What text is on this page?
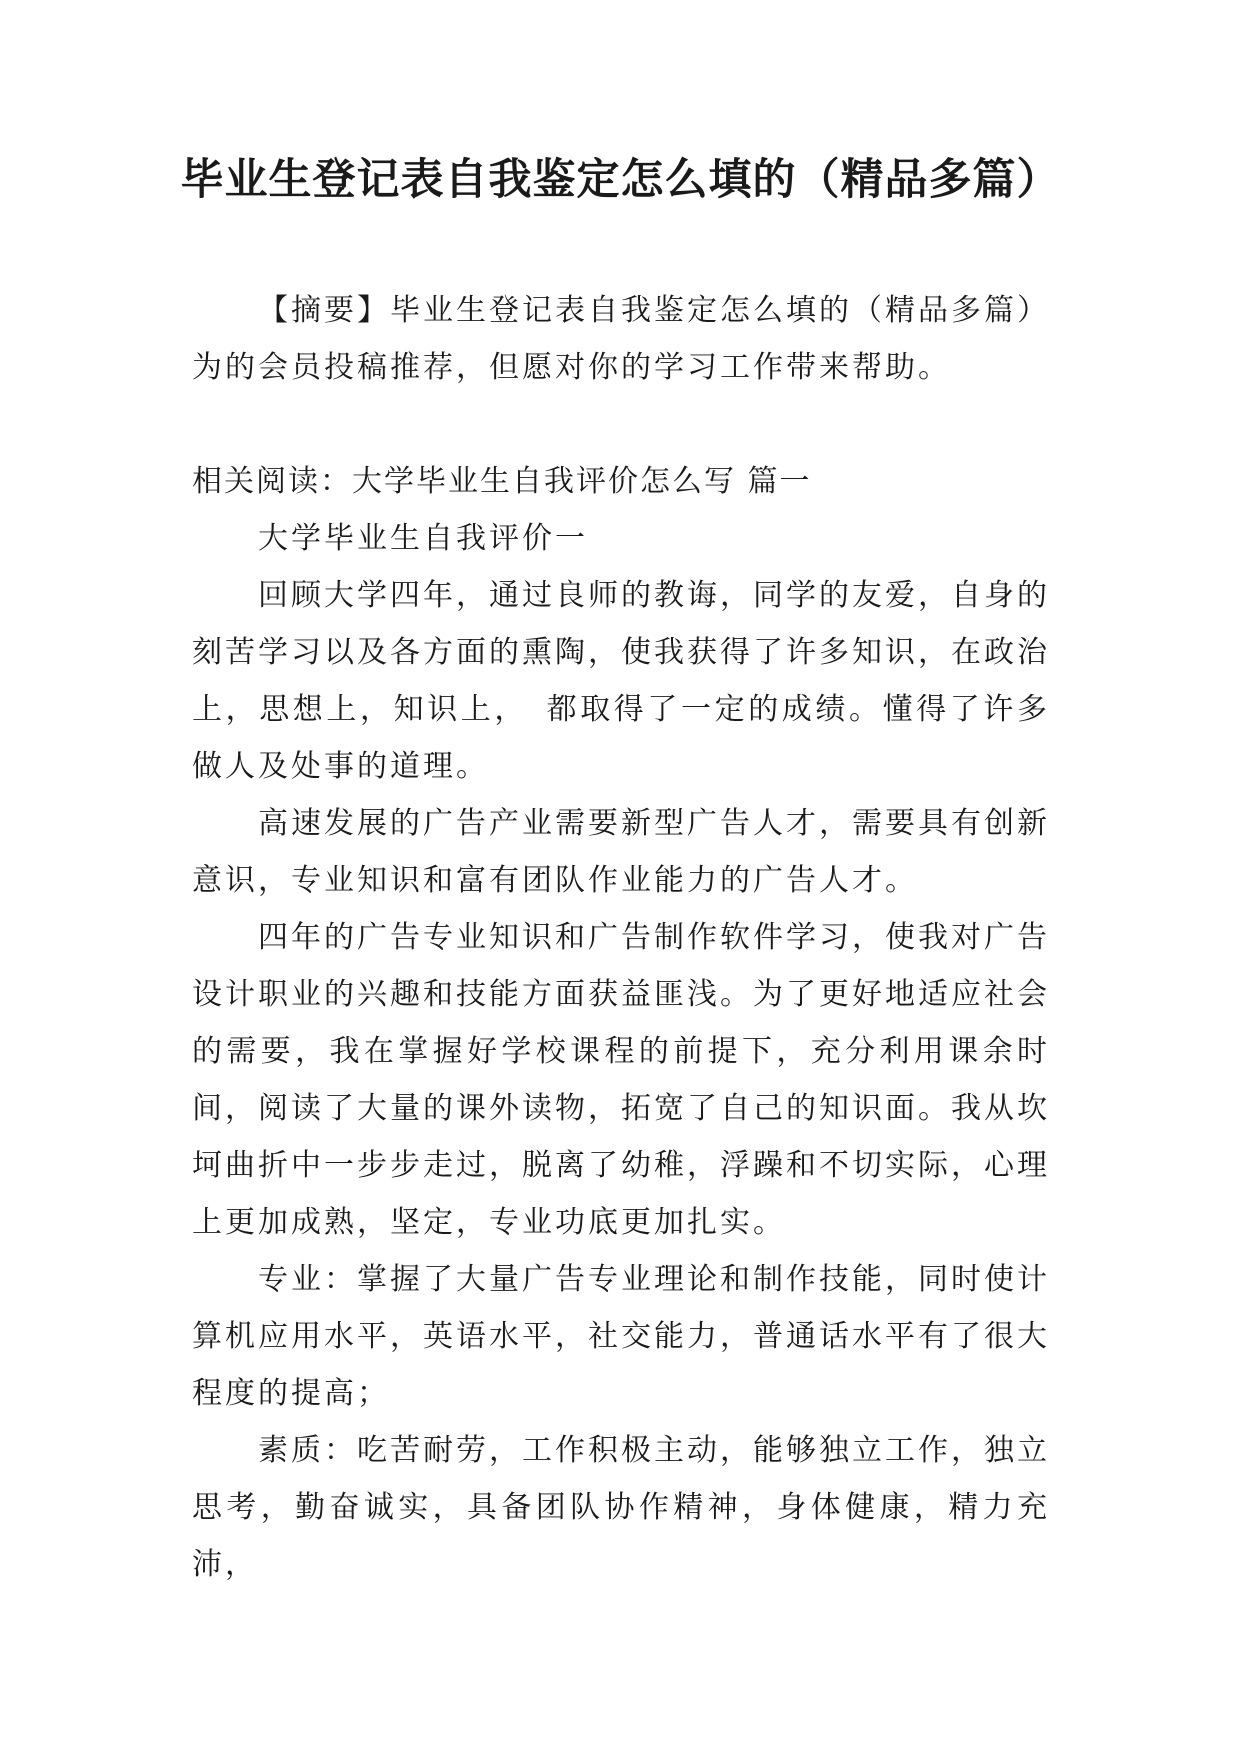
毕业生登记表自我鉴定怎么填的（精品多篇）

【摘要】毕业生登记表自我鉴定怎么填的（精品多篇）为的会员投稿推荐，但愿对你的学习工作带来帮助。

相关阅读：大学毕业生自我评价怎么写 篇一

大学毕业生自我评价一

回顾大学四年，通过良师的教诲，同学的友爱，自身的刻苦学习以及各方面的熏陶，使我获得了许多知识，在政治上，思想上，知识上，　都取得了一定的成绩。懂得了许多做人及处事的道理。

高速发展的广告产业需要新型广告人才，需要具有创新意识，专业知识和富有团队作业能力的广告人才。

四年的广告专业知识和广告制作软件学习，使我对广告设计职业的兴趣和技能方面获益匪浅。为了更好地适应社会的需要，我在掌握好学校课程的前提下，充分利用课余时间，阅读了大量的课外读物，拓宽了自己的知识面。我从坎坷曲折中一步步走过，脱离了幼稚，浮躁和不切实际，心理上更加成熟，坚定，专业功底更加扎实。

专业：掌握了大量广告专业理论和制作技能，同时使计算机应用水平，英语水平，社交能力，普通话水平有了很大程度的提高；

素质：吃苦耐劳，工作积极主动，能够独立工作，独立思考，勤奋诚实，具备团队协作精神，身体健康，精力充沛，
